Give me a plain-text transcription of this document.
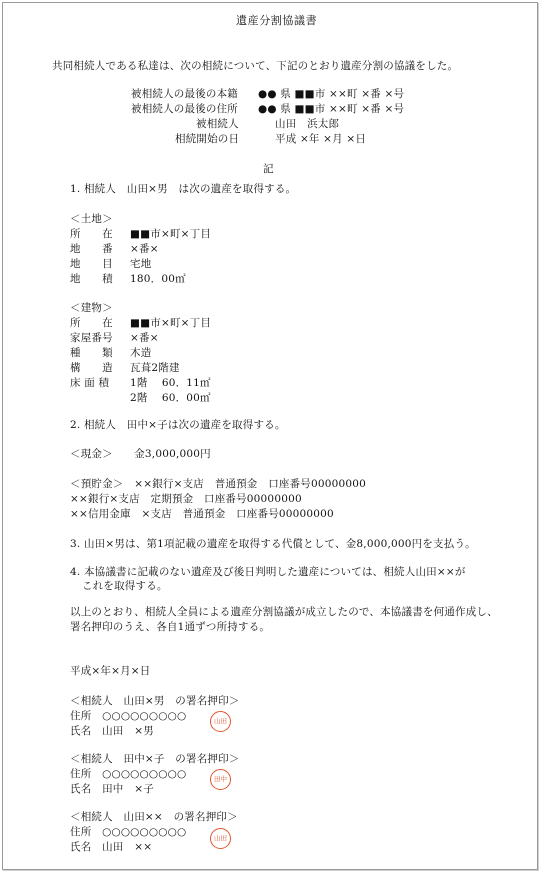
遺産分割協議書
共同相続人である私達は、次の相続について、下記のとおり遺産分割の協議をした。
被相続人の最後の本籍 ●● 県 ■■市 ××町 ×番 ×号
被相続人の最後の住所 ●● 県 ■■市 ××町 ×番 ×号
被相続人	山田　浜太郎
相続開始の日	平成 ×年 ×月 ×日
記
1. 相続人　山田×男　は次の遺産を取得する。
＜土地＞
所　　在 ■■市×町×丁目
地　　番 ×番×
地　　目 宅地
地　　積 180．00㎡
＜建物＞
所　　在 ■■市×町×丁目
家屋番号 ×番×
種　　類 木造
構　　造 瓦葺2階建
床 面 積 1階　 60．11㎡
2階　 60．00㎡
2. 相続人　田中×子は次の遺産を取得する。
＜現金＞　　金3,000,000円
＜預貯金＞　××銀行×支店　普通預金　口座番号00000000
××銀行×支店　定期預金　口座番号00000000
××信用金庫　×支店　普通預金　口座番号00000000
3. 山田×男は、第1項記載の遺産を取得する代償として、金8,000,000円を支払う。
4. 本協議書に記載のない遺産及び後日判明した遺産については、相続人山田××が
これを取得する。
以上のとおり、相続人全員による遺産分割協議が成立したので、本協議書を何通作成し、
署名押印のうえ、各自1通ずつ所持する。
平成×年×月×日
＜相続人　山田×男　の署名押印＞
住所　○○○○○○○○○
氏名　山田　×男
山田
＜相続人　田中×子　の署名押印＞
住所　○○○○○○○○○
氏名　田中　×子
田中
＜相続人　山田××　の署名押印＞
住所　○○○○○○○○○
氏名　山田　××
山田
